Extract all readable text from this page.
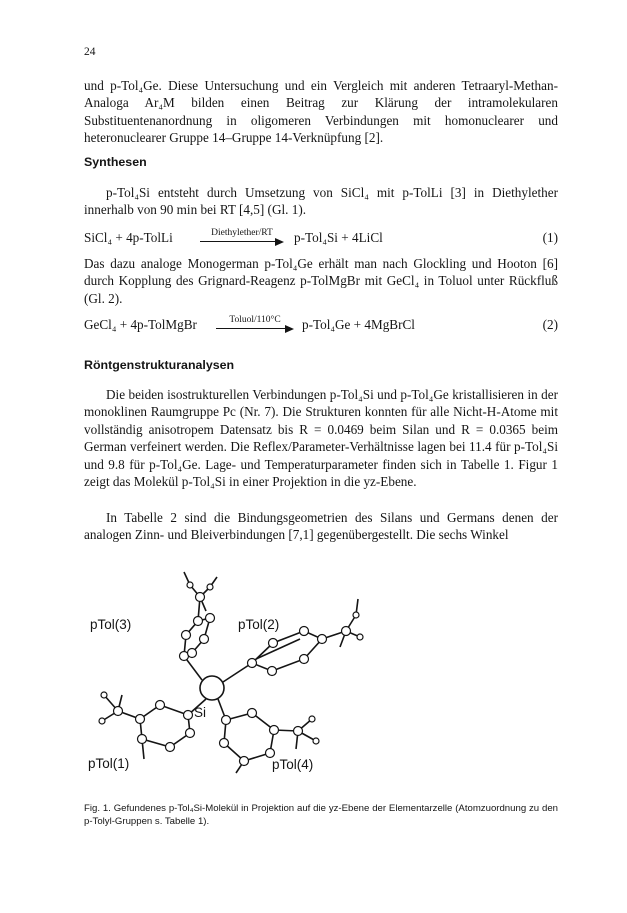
24

und p-Tol₄Ge. Diese Untersuchung und ein Vergleich mit anderen Tetraaryl-Methan-Analoga Ar₄M bilden einen Beitrag zur Klärung der intramolekularen Substituentenanordnung in oligomeren Verbindungen mit homonuclearer und heteronuclearer Gruppe 14–Gruppe 14-Verknüpfung [2].

Synthesen

p-Tol₄Si entsteht durch Umsetzung von SiCl₄ mit p-TolLi [3] in Diethylether innerhalb von 90 min bei RT [4,5] (Gl. 1).

SiCl₄ + 4p-TolLi	Diethylether/RT	p-Tol₄Si + 4LiCl	(1)

Das dazu analoge Monogerman p-Tol₄Ge erhält man nach Glockling und Hooton [6] durch Kopplung des Grignard-Reagenz p-TolMgBr mit GeCl₄ in Toluol unter Rückfluß (Gl. 2).

GeCl₄ + 4p-TolMgBr	Toluol/110°C	p-Tol₄Ge + 4MgBrCl	(2)
Röntgenstrukturanalysen

Die beiden isostrukturellen Verbindungen p-Tol₄Si und p-Tol₄Ge kristallisieren in der monoklinen Raumgruppe Pc (Nr. 7). Die Strukturen konnten für alle Nicht-H-Atome mit vollständig anisotropem Datensatz bis R = 0.0469 beim Silan und R = 0.0365 beim German verfeinert werden. Die Reflex/Parameter-Verhältnisse lagen bei 11.4 für p-Tol₄Si und 9.8 für p-Tol₄Ge. Lage- und Temperaturparameter finden sich in Tabelle 1. Figur 1 zeigt das Molekül p-Tol₄Si in einer Projektion in die yz-Ebene.

In Tabelle 2 sind die Bindungsgeometrien des Silans und Germans denen der analogen Zinn- und Bleiverbindungen [7,1] gegenübergestellt. Die sechs Winkel

pTol(3)	pTol(2)
Si
pTol(1)	pTol(4)

Fig. 1. Gefundenes p-Tol₄Si-Molekül in Projektion auf die yz-Ebene der Elementarzelle (Atomzuordnung zu den p-Tolyl-Gruppen s. Tabelle 1).
